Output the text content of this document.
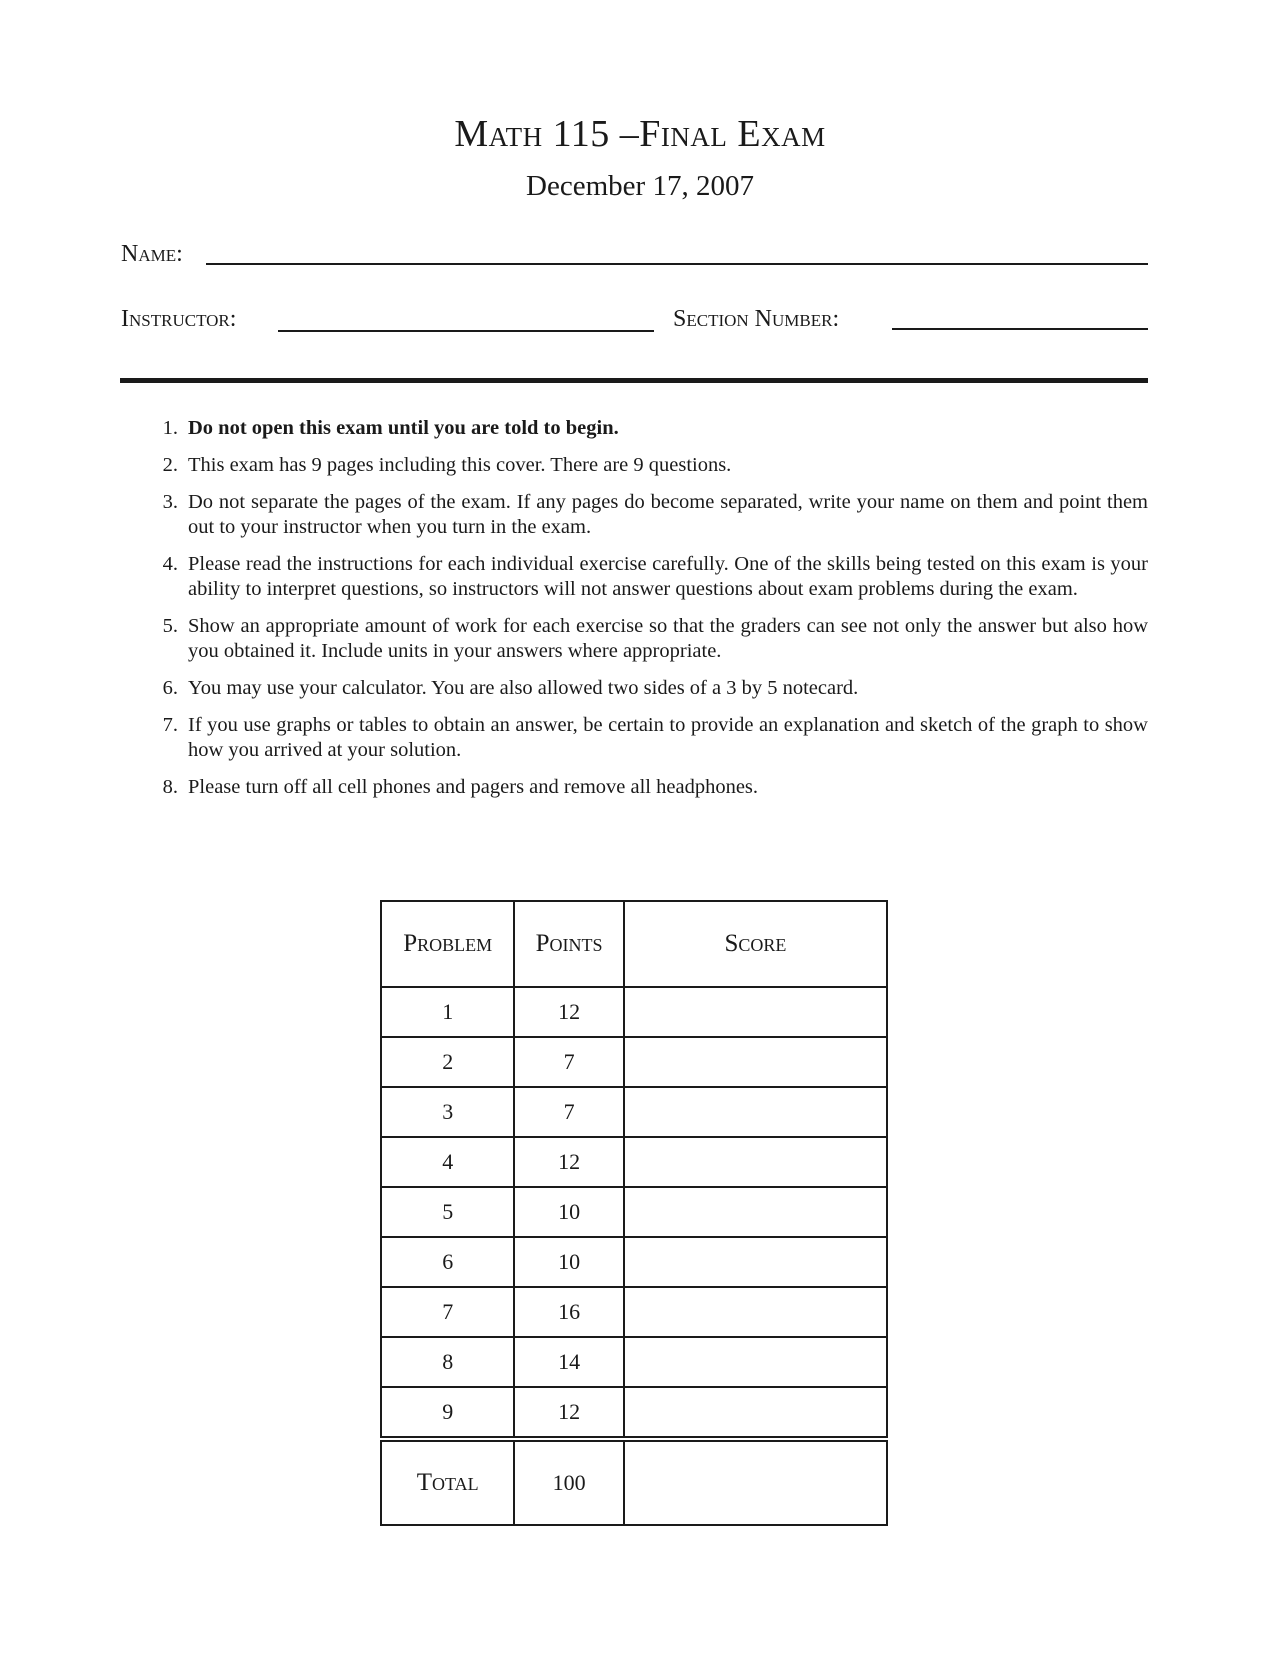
Math 115 –Final Exam
December 17, 2007
Name:
Instructor:	Section Number:
1. Do not open this exam until you are told to begin.
2. This exam has 9 pages including this cover. There are 9 questions.
3. Do not separate the pages of the exam. If any pages do become separated, write your name on them and point them out to your instructor when you turn in the exam.
4. Please read the instructions for each individual exercise carefully. One of the skills being tested on this exam is your ability to interpret questions, so instructors will not answer questions about exam problems during the exam.
5. Show an appropriate amount of work for each exercise so that the graders can see not only the answer but also how you obtained it. Include units in your answers where appropriate.
6. You may use your calculator. You are also allowed two sides of a 3 by 5 notecard.
7. If you use graphs or tables to obtain an answer, be certain to provide an explanation and sketch of the graph to show how you arrived at your solution.
8. Please turn off all cell phones and pagers and remove all headphones.
Problem	Points	Score
1	12	
2	7	
3	7	
4	12	
5	10	
6	10	
7	16	
8	14	
9	12	
Total	100	
